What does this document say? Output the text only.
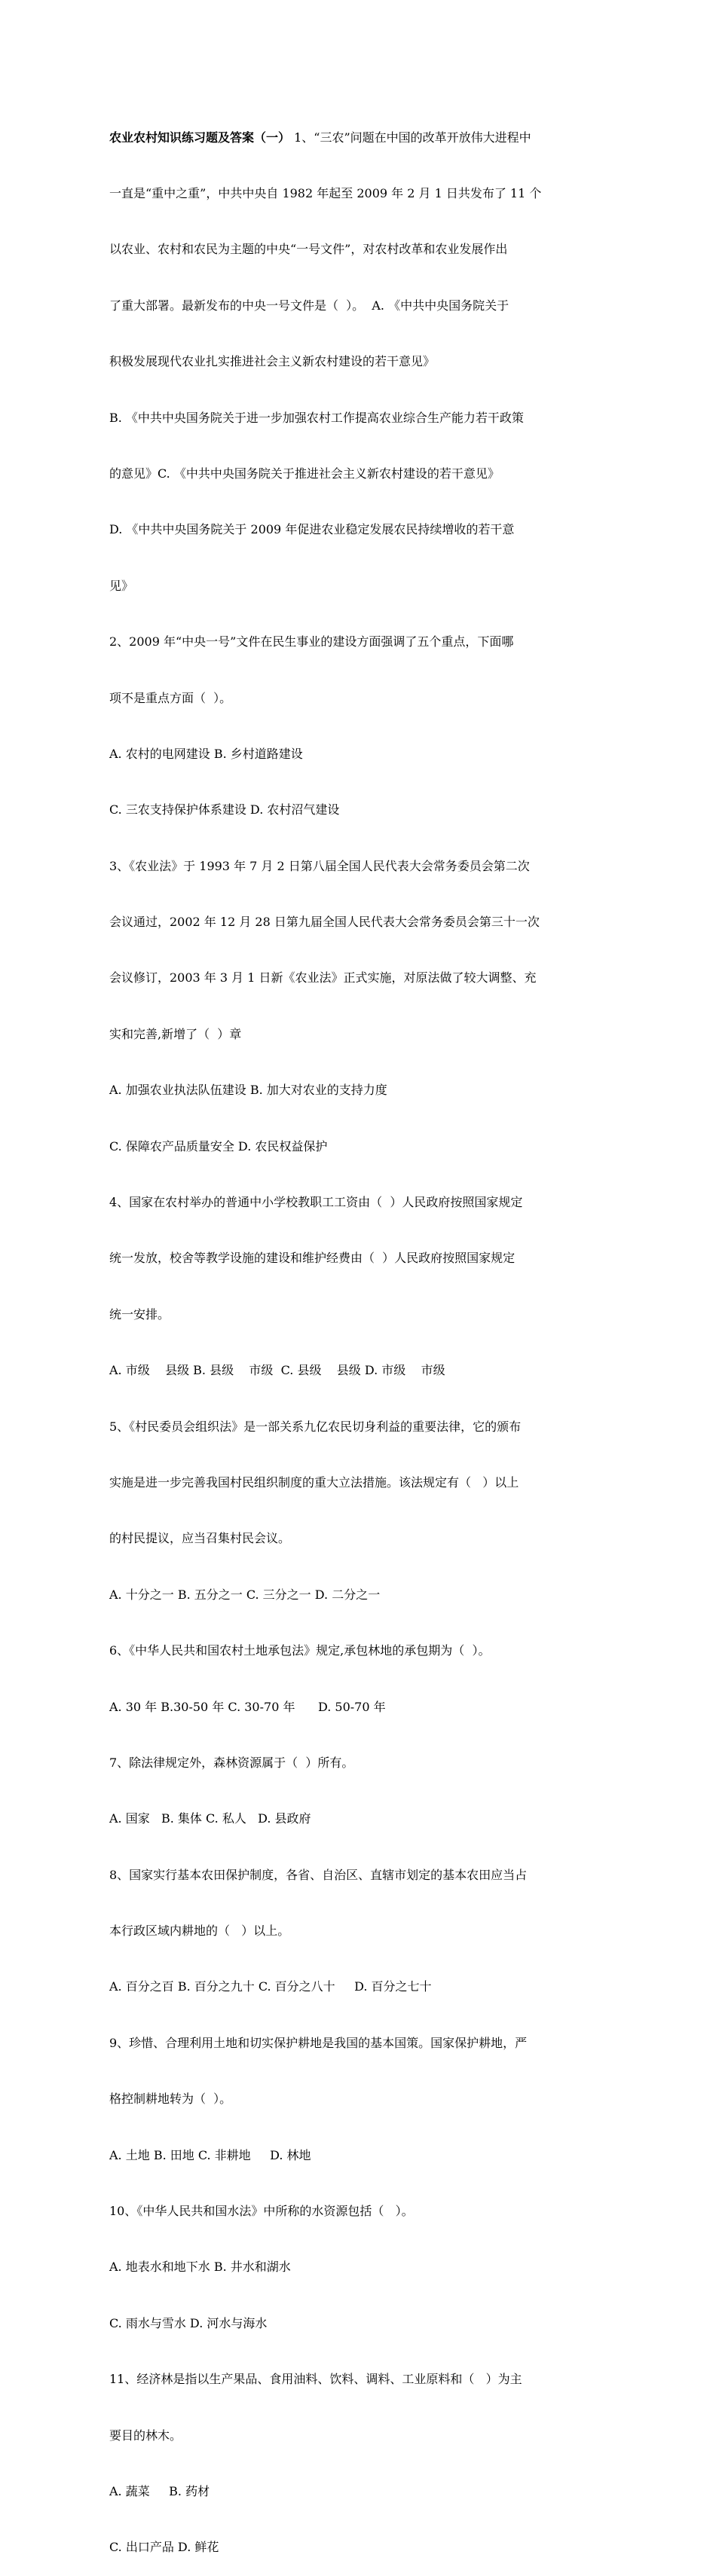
农业农村知识练习题及答案（一） 1、“三农”问题在中国的改革开放伟大进程中

一直是“重中之重”，中共中央自 1982 年起至 2009 年 2 月 1 日共发布了 11 个

以农业、农村和农民为主题的中央“一号文件”，对农村改革和农业发展作出

了重大部署。最新发布的中央一号文件是（  ）。  A. 《中共中央国务院关于

积极发展现代农业扎实推进社会主义新农村建设的若干意见》

B. 《中共中央国务院关于进一步加强农村工作提高农业综合生产能力若干政策

的意见》C. 《中共中央国务院关于推进社会主义新农村建设的若干意见》

D. 《中共中央国务院关于 2009 年促进农业稳定发展农民持续增收的若干意

见》

2、2009 年“中央一号”文件在民生事业的建设方面强调了五个重点，下面哪

项不是重点方面（  ）。

A. 农村的电网建设 B. 乡村道路建设

C. 三农支持保护体系建设 D. 农村沼气建设

3、《农业法》于 1993 年 7 月 2 日第八届全国人民代表大会常务委员会第二次

会议通过，2002 年 12 月 28 日第九届全国人民代表大会常务委员会第三十一次

会议修订，2003 年 3 月 1 日新《农业法》正式实施，对原法做了较大调整、充

实和完善,新增了（  ）章

A. 加强农业执法队伍建设 B. 加大对农业的支持力度

C. 保障农产品质量安全 D. 农民权益保护

4、国家在农村举办的普通中小学校教职工工资由（  ）人民政府按照国家规定

统一发放，校舍等教学设施的建设和维护经费由（  ）人民政府按照国家规定

统一安排。

A. 市级    县级 B. 县级    市级  C. 县级    县级 D. 市级    市级

5、《村民委员会组织法》是一部关系九亿农民切身利益的重要法律，它的颁布

实施是进一步完善我国村民组织制度的重大立法措施。该法规定有（   ）以上

的村民提议，应当召集村民会议。

A. 十分之一 B. 五分之一 C. 三分之一 D. 二分之一

6、《中华人民共和国农村土地承包法》规定,承包林地的承包期为（  ）。

A. 30 年 B.30-50 年 C. 30-70 年      D. 50-70 年

7、除法律规定外，森林资源属于（  ）所有。

A. 国家   B. 集体 C. 私人   D. 县政府

8、国家实行基本农田保护制度，各省、自治区、直辖市划定的基本农田应当占

本行政区域内耕地的（   ）以上。

A. 百分之百 B. 百分之九十 C. 百分之八十     D. 百分之七十

9、珍惜、合理利用土地和切实保护耕地是我国的基本国策。国家保护耕地，严

格控制耕地转为（  ）。

A. 土地 B. 田地 C. 非耕地     D. 林地

10、《中华人民共和国水法》中所称的水资源包括（   ）。

A. 地表水和地下水 B. 井水和湖水

C. 雨水与雪水 D. 河水与海水

11、经济林是指以生产果品、食用油料、饮料、调料、工业原料和（   ）为主

要目的林木。

A. 蔬菜     B. 药材

C. 出口产品 D. 鲜花
